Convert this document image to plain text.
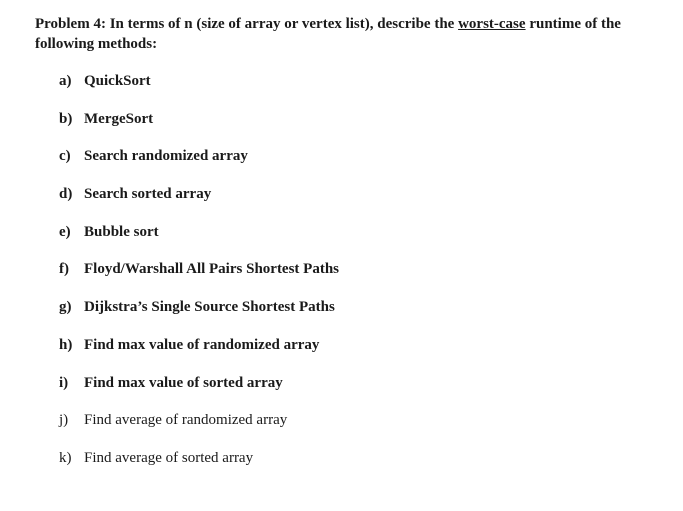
Problem 4: In terms of n (size of array or vertex list), describe the worst-case runtime of the following methods:
a) QuickSort
b) MergeSort
c) Search randomized array
d) Search sorted array
e) Bubble sort
f) Floyd/Warshall All Pairs Shortest Paths
g) Dijkstra’s Single Source Shortest Paths
h) Find max value of randomized array
i) Find max value of sorted array
j) Find average of randomized array
k) Find average of sorted array
